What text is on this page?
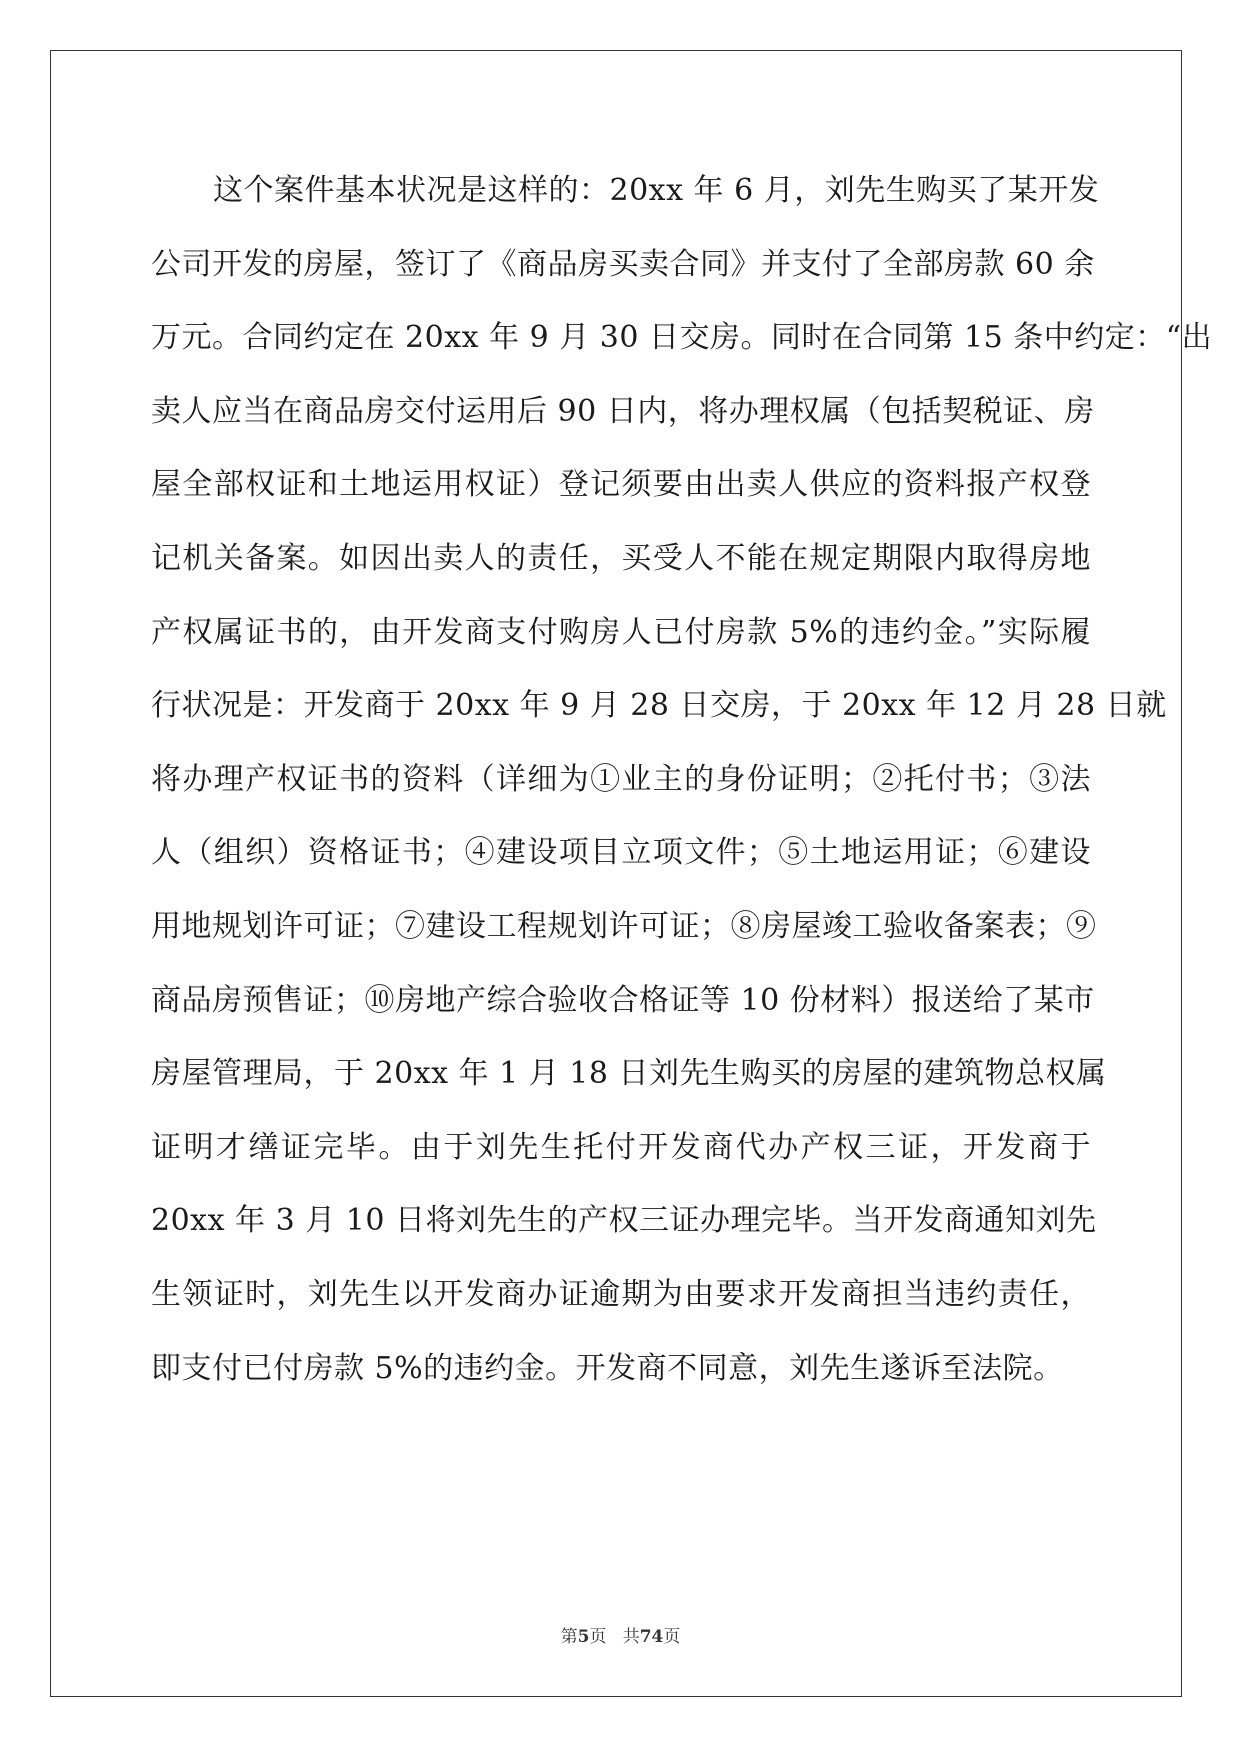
这个案件基本状况是这样的：20xx 年 6 月，刘先生购买了某开发
公司开发的房屋，签订了《商品房买卖合同》并支付了全部房款 60 余
万元。合同约定在 20xx 年 9 月 30 日交房。同时在合同第 15 条中约定：“出
卖人应当在商品房交付运用后 90 日内，将办理权属（包括契税证、房
屋全部权证和土地运用权证）登记须要由出卖人供应的资料报产权登
记机关备案。如因出卖人的责任，买受人不能在规定期限内取得房地
产权属证书的，由开发商支付购房人已付房款 5%的违约金。”实际履
行状况是：开发商于 20xx 年 9 月 28 日交房，于 20xx 年 12 月 28 日就
将办理产权证书的资料（详细为①业主的身份证明；②托付书；③法
人（组织）资格证书；④建设项目立项文件；⑤土地运用证；⑥建设
用地规划许可证；⑦建设工程规划许可证；⑧房屋竣工验收备案表；⑨
商品房预售证；⑩房地产综合验收合格证等 10 份材料）报送给了某市
房屋管理局，于 20xx 年 1 月 18 日刘先生购买的房屋的建筑物总权属
证明才缮证完毕。由于刘先生托付开发商代办产权三证，开发商于
20xx 年 3 月 10 日将刘先生的产权三证办理完毕。当开发商通知刘先
生领证时，刘先生以开发商办证逾期为由要求开发商担当违约责任，
即支付已付房款 5%的违约金。开发商不同意，刘先生遂诉至法院。
第5页 共74页
